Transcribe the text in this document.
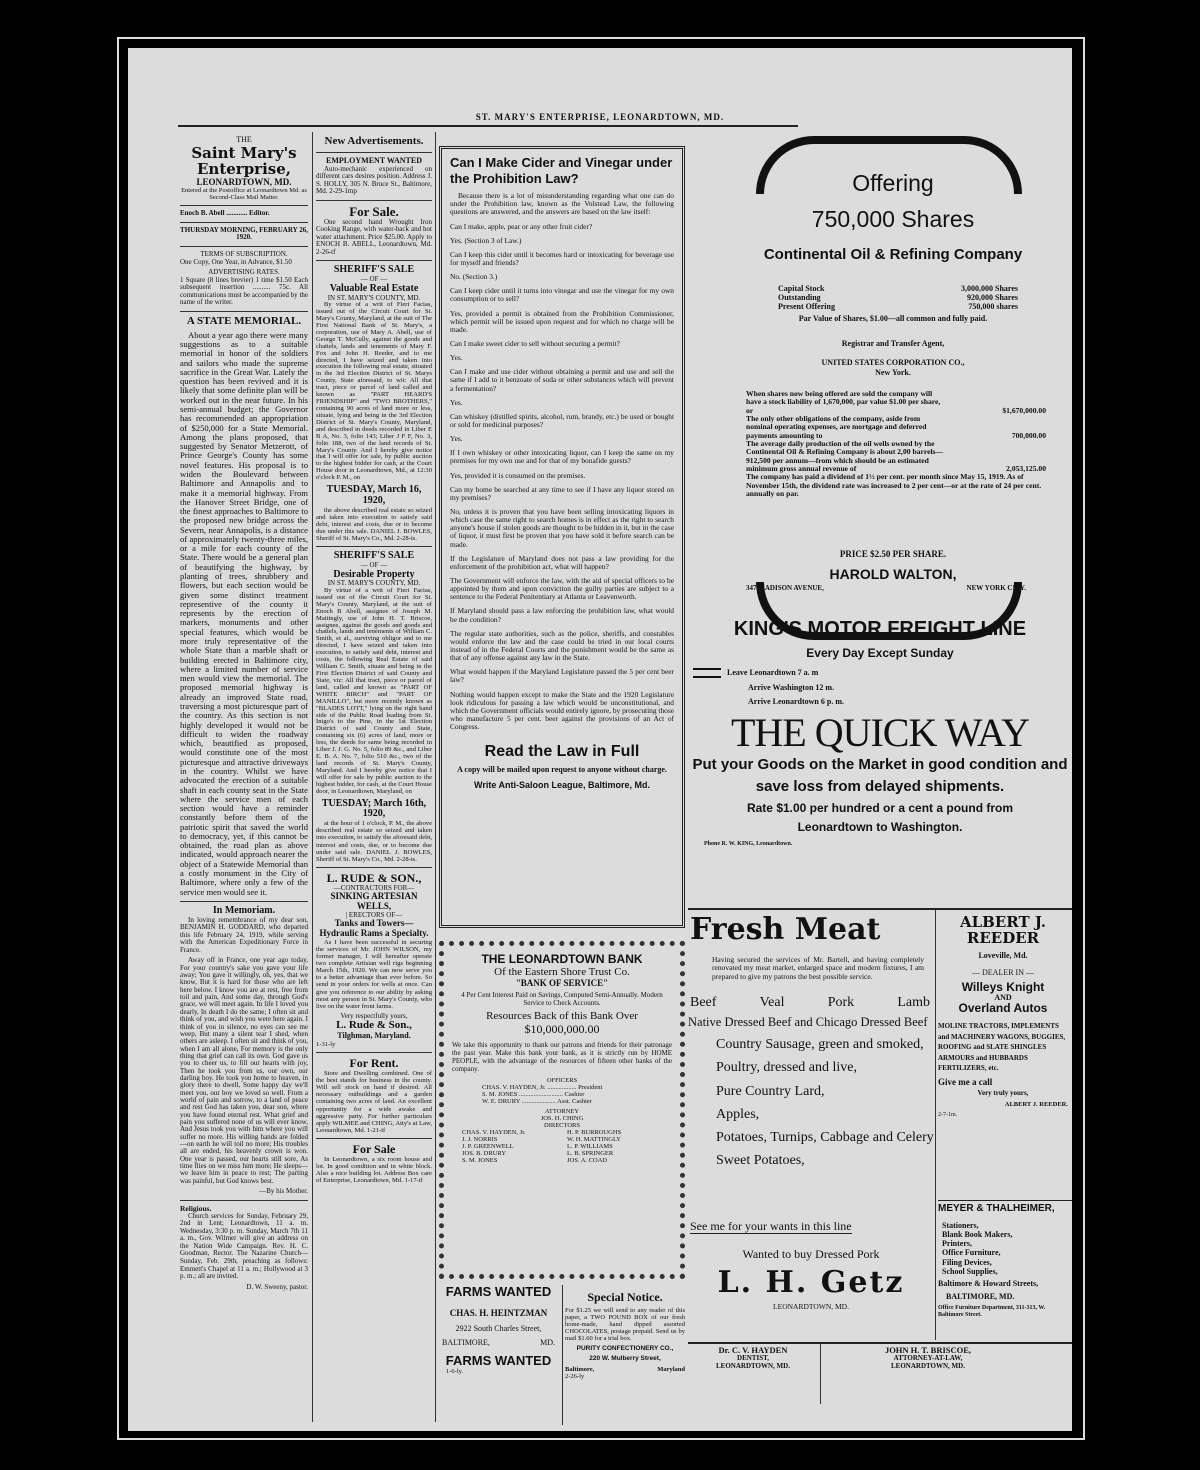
ST. MARY'S ENTERPRISE, LEONARDTOWN, MD.
THE
Saint Mary's Enterprise,
LEONARDTOWN, MD.
Entered at the Postoffice at Leonardtown Md. as Second-Class Mail Matter.
Enoch B. Abell ............ Editor.
THURSDAY MORNING, FEBRUARY 26, 1920.
TERMS OF SUBSCRIPTION.
One Copy, One Year, in Advance, $1.50
ADVERTISING RATES.
1 Square (8 lines brevier) 1 time $1.50 Each subsequent insertion .......... 75c. All communications must be accompanied by the name of the writer.
A STATE MEMORIAL.

About a year ago there were many suggestions as to a suitable memorial in honor of the soldiers and sailors who made the supreme sacrifice in the Great War. Lately the question has been revived and it is likely that some definite plan will be worked out in the near future. In his semi-annual budget; the Governor has recommended an appropriation of $250,000 for a State Memorial. Among the plans proposed, that suggested by Senator Metzerott, of Prince George's County has some novel features. His proposal is to widen the Boulevard between Baltimore and Annapolis and to make it a memorial highway. From the Hanover Street Bridge, one of the finest approaches to Baltimore to the proposed new bridge across the Severn, near Annapolis, is a distance of approximately twenty-three miles, or a mile for each county of the State. There would be a general plan of beautifying the highway, by planting of trees, shrubbery and flowers, but each section would be given some distinct treatment representive of the county it represents by the erection of markers, monuments and other special features, which would be more truly representative of the whole State than a marble shaft or building erected in Baltimore city, where a limited number of service men would view the memorial. The proposed memorial highway is already an improved State road, traversing a most picturesque part of the country. As this section is not highly developed it would not be difficult to widen the roadway which, beautified as proposed, would constitute one of the most picturesque and attractive driveways in the country. Whilst we have advocated the erection of a suitable shaft in each county seat in the State where the service men of each section would have a reminder constantly before them of the patriotic spirit that saved the world to democracy, yet, if this cannot be obtained, the road plan as above indicated, would approach nearer the object of a Statewide Memorial than a costly monument in the City of Baltimore, where only a few of the service men would see it.

In Memoriam.

In loving remembrance of my dear son, BENJAMIN H. GODDARD, who departed this life February 24, 1919, while serving with the American Expeditionary Force in France.

Away off in France, one year ago today, For your country's sake you gave your life away; You gave it willingly, oh, yes, that we know, But it is hard for those who are left here below. I know you are at rest, free from toil and pain, And some day, through God's grace, we will meet again. In life I loved you dearly, In death I do the same; I often sit and think of you, and wish you were here again. I think of you in silence, no eyes can see me weep, But many a silent tear I shed, when others are asleep. I often sit and think of you, when I am all alone, For memory is the only thing that grief can call its own. God gave us you to cheer us, to fill our hearts with joy, Then he took you from us, our own, our darling boy. He took you home to heaven, in glory there to dwell, Some happy day we'll meet you, our boy we loved so well. From a world of pain and sorrow, to a land of peace and rest God has taken you, dear son, where you have found eternal rest. What grief and pain you suffered none of us will ever know, And Jesus took you with him where you will suffer no more. His willing hands are folded—on earth he will toil no more; His troubles all are ended, his heavenly crown is won. One year is passed, our hearts still sore, As time flies on we miss him more; He sleeps—we leave him in peace to rest; The parting was painful, but God knows best.

—By his Mother.
Religious.

Church services for Sunday, February 29, 2nd in Lent; Leonardtown, 11 a. m. Wednesday, 3:30 p. m. Sunday, March 7th 11 a. m., Gov. Wilmer will give an address on the Nation Wide Campaign. Rev. H. C. Goodman, Rector. The Nazarine Church—Sunday, Feb. 29th, preaching as follows: Emmett's Chapel at 11 a. m.; Hollywood at 3 p. m.; all are invited.

D. W. Sweeny, pastor.
New Advertisements.
EMPLOYMENT WANTED

Auto-mechanic experienced on different cars desires position. Address J. S. HOLLY, 305 N. Bruce St., Baltimore, Md. 2-29-1mp

For Sale.

One second hand Wrought Iron Cooking Range, with water-back and hot water attachment. Price $25.00. Apply to ENOCH B. ABELL, Leonardtown, Md. 2-26-tf

SHERIFF'S SALE
— OF —
Valuable Real Estate
IN ST. MARY'S COUNTY, MD.

By virtue of a writ of Fieri Facias, issued out of the Circuit Court for St. Mary's County, Maryland, at the suit of The First National Bank of St. Mary's, a corporation, use of Mary A. Abell, use of George T. McCully, against the goods and chattels, lands and tenements of Mary F. Fox and John H. Reeder, and to me directed, I have seized and taken into execution the following real estate, situated in the 3rd Election District of St. Marys County, State aforesaid, to wit: All that tract, piece or parcel of land called and known as "PART HEARD'S FRIENDSHIP" and "TWO BROTHERS," containing 90 acres of land more or less, situate, lying and being in the 3rd Election District of St. Mary's County, Maryland, and described in deeds recorded in Liber E B A, No. 3, folio 143; Liber J F F, No. 3, folio 188, two of the land records of St. Mary's County. And I hereby give notice that I will offer for sale, by public auction to the highest bidder for cash, at the Court House door in Leonardtown, Md., at 12:30 o'clock P. M., on

TUESDAY, March 16, 1920,

the above described real estate so seized and taken into execution to satisfy said debt, interest and costs, due or to become due under this sale. DANIEL J. BOWLES, Sheriff of St. Mary's Co., Md. 2-28-ts.

SHERIFF'S SALE
— OF —
Desirable Property
IN ST. MARY'S COUNTY, MD.

By virtue of a writ of Fieri Facias, issued out of the Circuit Court for St. Mary's County, Maryland, at the suit of Enoch B Abell, assignee of Joseph M. Mattingly, use of John H. T. Briscoe, assignee, against the goods and goods and chattels, lands and tenements of William C. Smith, et al., surviving obligor and to me directed, I have seized and taken into execution, to satisfy said debt, interest and costs, the following Real Estate of said William C. Smith, situate and being in the First Election District of said County and State, viz: All that tract, piece or parcel of land, called and known as "PART OF WHITE BIRCH" and "PART OF MANILLO", but more recently known as "BLADES LOTT," lying on the right hand side of the Public Road leading from St. Inigo's to the Pine, in the 1st Election District of said County and State, containing six (6) acres of land, more or less, the deeds for same being recorded in Liber J. J. G. No. 5, folio 89 &c., and Liber E. B. A. No. 7, folio 510 &c., two of the land records of St. Mary's County, Maryland. And I hereby give notice that I will offer for sale by public auction to the highest bidder, for cash, at the Court House door, in Leonardtown, Maryland, on

TUESDAY; March 16th, 1920,

at the hour of 1 o'clock, P. M., the above described real estate so seized and taken into execution, to satisfy the aforesaid debt, interest and costs, due, or to become due under said sale. DANIEL J. BOWLES, Sheriff of St. Mary's Co., Md. 2-28-ts.

L. RUDE & SON.,
—CONTRACTORS FOR—
SINKING ARTESIAN WELLS,
| ERECTORS OF—
Tanks and Towers—Hydraulic Rams a Specialty.

As I have been successful in securing the services of Mr. JOHN WILSON, my former manager, I will hereafter operate two complete Artisian well rigs beginning March 15th, 1920. We can now serve you to a better advantage than ever before. So send in your orders for wells at once. Can give you reference to our ability by asking most any person in St. Mary's County, who live on the water front farms.

Very respectfully yours,
L. Rude & Son.,
Tilghman, Maryland.
1-31-ly
For Rent.

Store and Dwelling combined. One of the best stands for business in the county. Will sell stock on hand if desired. All necessary outbuildings and a garden containing two acres of land. An excellent opportunity for a wide awake and aggressive party. For further particulars apply WILMEE and CHING, Atty's at Law, Leonardtown, Md. 1-21-tf

For Sale

In Leonardtown, a six room house and lot. In good condition and in white block. Also a nice building lot. Address Box care of Enterprise, Leonardtown, Md. 1-17-tf

Can I Make Cider and Vinegar under the Prohibition Law?

Because there is a lot of misunderstanding regarding what one can do under the Prohibition law, known as the Volstead Law, the following questions are answered, and the answers are based on the law itself:

Can I make, apple, pear or any other fruit cider?

Yes. (Section 3 of Law.)

Can I keep this cider until it becomes hard or intoxicating for beverage use for myself and friends?

No. (Section 3.)

Can I keep cider until it turns into vinegar and use the vinegar for my own consumption or to sell?

Yes, provided a permit is obtained from the Prohibition Commissioner, which permit will be issued upon request and for which no charge will be made.

Can I make sweet cider to sell without securing a permit?

Yes.

Can I make and use cider without obtaining a permit and use and sell the same if I add to it benzoate of soda or other substances which will prevent a fermentation?

Yes.

Can whiskey (distilled spirits, alcohol, rum, brandy, etc.) be used or bought or sold for medicinal purposes?

Yes.

If I own whiskey or other intoxicating liquor, can I keep the same on my premises for my own use and for that of my bonafide guests?

Yes, provided it is consumed on the premises.

Can my home be searched at any time to see if I have any liquor stored on my premises?

No, unless it is proven that you have been selling intoxicating liquors in which case the same right to search homes is in effect as the right to search anyone's house if stolen goods are thought to be hidden in it, but in the case of liquor, it must first be proven that you have sold it before search can be made.

If the Legislature of Maryland does not pass a law providing for the enforcement of the prohibition act, what will happen?

The Government will enforce the law, with the aid of special officers to be appointed by them and upon conviction the guilty parties are subject to a sentence to the Federal Penitentiary at Atlanta or Leavenworth.

If Maryland should pass a law enforcing the prohibition law, what would be the condition?

The regular state authorities, such as the police, sheriffs, and constables would enforce the law and the case could be tried in our local courts instead of in the Federal Courts and the punishment would be the same as that of any offense against any law in the State.

What would happen if the Maryland Legislature passed the 5 per cent beer law?

Nothing would happen except to make the State and the 1920 Legislature look ridiculous for passing a law which would be unconstitutional, and which the Government officials would entirely ignore, by prosecuting those who manufacture 5 per cent. beer against the provisions of an Act of Congress.

Read the Law in Full
A copy will be mailed upon request to anyone without charge.
Write Anti-Saloon League, Baltimore, Md.
THE LEONARDTOWN BANK
Of the Eastern Shore Trust Co.
"BANK OF SERVICE"
4 Per Cent Interest Paid on Savings, Computed Semi-Annually. Modern Service to Check Accounts.
Resources Back of this Bank Over
$10,000,000.00
We take this opportunity to thank our patrons and friends for their patronage the past year. Make this bank your bank, as it is strictly run by HOME PEOPLE, with the advantage of the resources of fifteen other banks of the company.
OFFICERS
CHAS. V. HAYDEN, Jr. .................. President
S. M. JONES ........................... Cashier
W. E. DRURY ..................... Asst. Cashier
ATTORNEY
JOS. H. CHING
DIRECTORS
CHAS. V. HAYDEN, Jr.
J. J. NORRIS
J. P. GREENWELL
JOS. B. DRURY
S. M. JONES
H. P. BURROUGHS
W. H. MATTINGLY
L. P. WILLIAMS
L. B. SPRINGER
JOS. A. COAD
FARMS WANTED
CHAS. H. HEINTZMAN
2922 South Charles Street,
BALTIMORE,	MD.
FARMS WANTED
1-6-ly.
Special Notice.
For $1.25 we will send to any reader of this paper, a TWO POUND BOX of our fresh home-made, hand dipped assorted CHOCOLATES, postage prepaid. Send us by mail $1.60 for a trial box.
PURITY CONFECTIONERY CO.,
220 W. Mulberry Street,
Baltimore,	Maryland
2-26-ly
Offering
750,000 Shares
Continental Oil & Refining Company
Capital Stock	3,000,000 Shares
Outstanding	920,000 Shares
Present Offering	750,000 shares
Par Value of Shares, $1.00—all common and fully paid.
Registrar and Transfer Agent,
UNITED STATES CORPORATION CO.,
New York.
When shares now being offered are sold the company will have a stock liability of 1,670,000, par value $1.00 per share, or	$1,670,000.00
The only other obligations of the company, aside from nominal operating expenses, are mortgage and deferred payments amounting to	700,000.00
The average daily production of the oil wells owned by the Continental Oil & Refining Company is about 2,00 barrels—912,500 per annum—from which should be an estimated minimum gross annual revenue of	2,053,125.00
The company has paid a dividend of 1½ per cent. per month since May 15, 1919. As of November 15th, the dividend rate was increased to 2 per cent—or at the rate of 24 per cent. annually on par.
PRICE $2.50 PER SHARE.
HAROLD WALTON,
347 MADISON AVENUE,	NEW YORK CITY.
KING'S MOTOR FREIGHT LINE
Every Day Except Sunday
Leave Leonardtown 7 a. m
Arrive Washington 12 m.
Arrive Leonardtown 6 p. m.
THE QUICK WAY
Put your Goods on the Market in good condition and save loss from delayed shipments.
Rate $1.00 per hundred or a cent a pound from Leonardtown to Washington.
Phone R. W. KING, Leonardtown.
Fresh Meat
Having secured the services of Mr. Bartell, and having completely renovated my meat market, enlarged space and modern fixtures, I am prepared to give my patrons the best possible service.
Beef	Veal	Pork	Lamb
Native Dressed Beef and Chicago Dressed Beef
Country Sausage, green and smoked,
Poultry, dressed and live,
Pure Country Lard,
Apples,
Potatoes, Turnips, Cabbage and Celery
Sweet Potatoes,
See me for your wants in this line
Wanted to buy Dressed Pork
L. H. Getz
LEONARDTOWN, MD.
ALBERT J. REEDER
Loveville, Md.
— DEALER IN —
Willeys Knight
AND
Overland Autos
MOLINE TRACTORS, IMPLEMENTS and MACHINERY WAGONS, BUGGIES, ROOFING and SLATE SHINGLES ARMOURS and HUBBARDS FERTILIZERS, etc.
Give me a call
Very truly yours,
ALBERT J. REEDER.
2-7-1m.
MEYER & THALHEIMER,
Stationers,
Blank Book Makers,
Printers,
Office Furniture,
Filing Devices,
School Supplies,
Baltimore & Howard Streets,
BALTIMORE, MD.
Office Furniture Department, 311-313, W. Baltimore Street.
Dr. C. V. HAYDEN
DENTIST,
LEONARDTOWN, MD.
JOHN H. T. BRISCOE,
ATTORNEY-AT-LAW,
LEONARDTOWN, MD.
